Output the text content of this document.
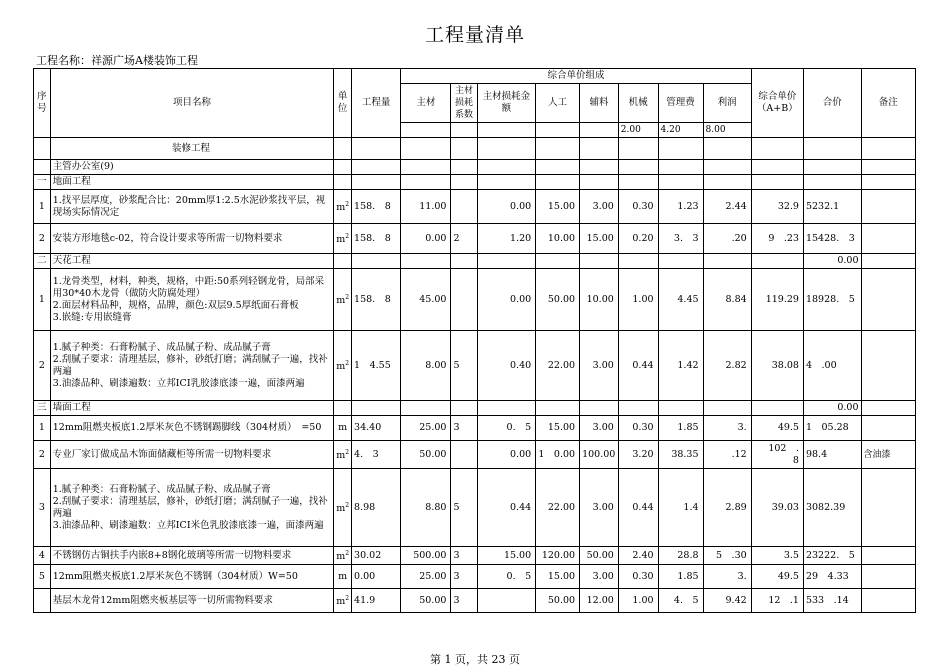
工程量清单
工程名称：祥源广场A楼装饰工程
序号	项目名称	单位	工程量	综合单价组成								综合单价（A+B）	合价	备注
				主材	主材损耗系数	主材损耗金额	人工	辅料	机械	管理费	利润			

									2.00	4.20	8.00			
	装修工程													
	主管办公室(9)													
一	地面工程													
1	1.找平层厚度，砂浆配合比：20mm厚1:2.5水泥砂浆找平层，视现场实际情况定	m 2	158.　8	11.00		0.00	15.00	3.00	0.30	1.23	2.44	32.9	5232.1	
2	安装方形地毯c-02，符合设计要求等所需一切物料要求	m 2	158.　8	0.00	2	1.20	10.00	15.00	0.20	3.　3	.20	9　.23	15428.　3	
二	天花工程												0.00	
1	1.龙骨类型，材料，种类，规格，中距:50系列轻钢龙骨，局部采用30*40木龙骨（做防火防腐处理）
2.面层材料品种，规格，品牌，颜色:双层9.5厚纸面石膏板
3.嵌缝:专用嵌缝膏	m 2	158.　8	45.00		0.00	50.00	10.00	1.00	4.45	8.84	119.29	18928.　5	
2	1.腻子种类：石膏粉腻子、成品腻子粉、成品腻子膏
2.刮腻子要求：清理基层，修补，砂纸打磨；满刮腻子一遍，找补两遍
3.油漆品种、刷漆遍数：立邦ICI乳胶漆底漆一遍，面漆两遍	m 2	1　4.55	8.00	5	0.40	22.00	3.00	0.44	1.42	2.82	38.08	4　.00	
三	墙面工程												0.00	
1	12mm阻燃夹板底1.2厚米灰色不锈钢踢脚线（304材质）　=50	m	34.40	25.00	3	0.　5	15.00	3.00	0.30	1.85	3.	49.5	1　05.28	
2	专业厂家订做成品木饰面储藏柜等所需一切物料要求	m 2	4.　3	50.00		0.00	1　0.00	100.00	3.20	38.35	.12	102　.　8	98.4	含油漆
3	1.腻子种类：石膏粉腻子、成品腻子粉、成品腻子膏
2.刮腻子要求：清理基层，修补，砂纸打磨；满刮腻子一遍，找补两遍
3.油漆品种、刷漆遍数：立邦ICI米色乳胶漆底漆一遍，面漆两遍	m 2	8.98	8.80	5	0.44	22.00	3.00	0.44	1.4	2.89	39.03	3082.39	
4	不锈钢仿古铜扶手内嵌8+8钢化玻璃等所需一切物料要求	m 2	30.02	500.00	3	15.00	120.00	50.00	2.40	28.8	5　.30	3.5	23222.　5	
5	12mm阻燃夹板底1.2厚米灰色不锈钢（304材质）W=50	m	0.00	25.00	3	0.　5	15.00	3.00	0.30	1.85	3.	49.5	29　4.33	
	基层木龙骨12mm阻燃夹板基层等一切所需物料要求	m 2	41.9	50.00	3		50.00	12.00	1.00	4.　5	9.42	12　.1	533　.14	
第 1 页，共 23 页
